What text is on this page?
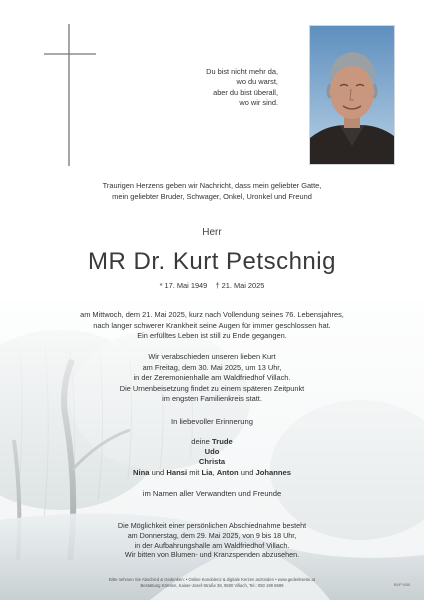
Du bist nicht mehr da,
wo du warst,
aber du bist überall,
wo wir sind.
Traurigen Herzens geben wir Nachricht, dass mein geliebter Gatte,
mein geliebter Bruder, Schwager, Onkel, Uronkel und Freund
Herr
MR Dr. Kurt Petschnig
* 17. Mai 1949    † 21. Mai 2025
am Mittwoch, dem 21. Mai 2025, kurz nach Vollendung seines 76. Lebensjahres,
nach langer schwerer Krankheit seine Augen für immer geschlossen hat.
Ein erfülltes Leben ist still zu Ende gegangen.
Wir verabschieden unseren lieben Kurt
am Freitag, dem 30. Mai 2025, um 13 Uhr,
in der Zeremonienhalle am Waldfriedhof Villach.
Die Urnenbeisetzung findet zu einem späteren Zeitpunkt
im engsten Familienkreis statt.
In liebevoller Erinnerung
deine Trude
Udo
Christa
Nina und Hansi mit Lia, Anton und Johannes
im Namen aller Verwandten und Freunde
Die Möglichkeit einer persönlichen Abschiednahme besteht
am Donnerstag, dem 29. Mai 2025, von 9 bis 18 Uhr,
in der Aufbahrungshalle am Waldfriedhof Villach.
Wir bitten von Blumen- und Kranzspenden abzusehen.
Bitte nehmen Sie Abschied & Gedenken: • Online Kondolenz & digitale Kerzen anzünden • www.gedenkseite.at
Bestattung Kärnten, Kaiser-Josef-Straße 38, 9500 Villach, Tel.: 050 199 6699	BVP 9/50
